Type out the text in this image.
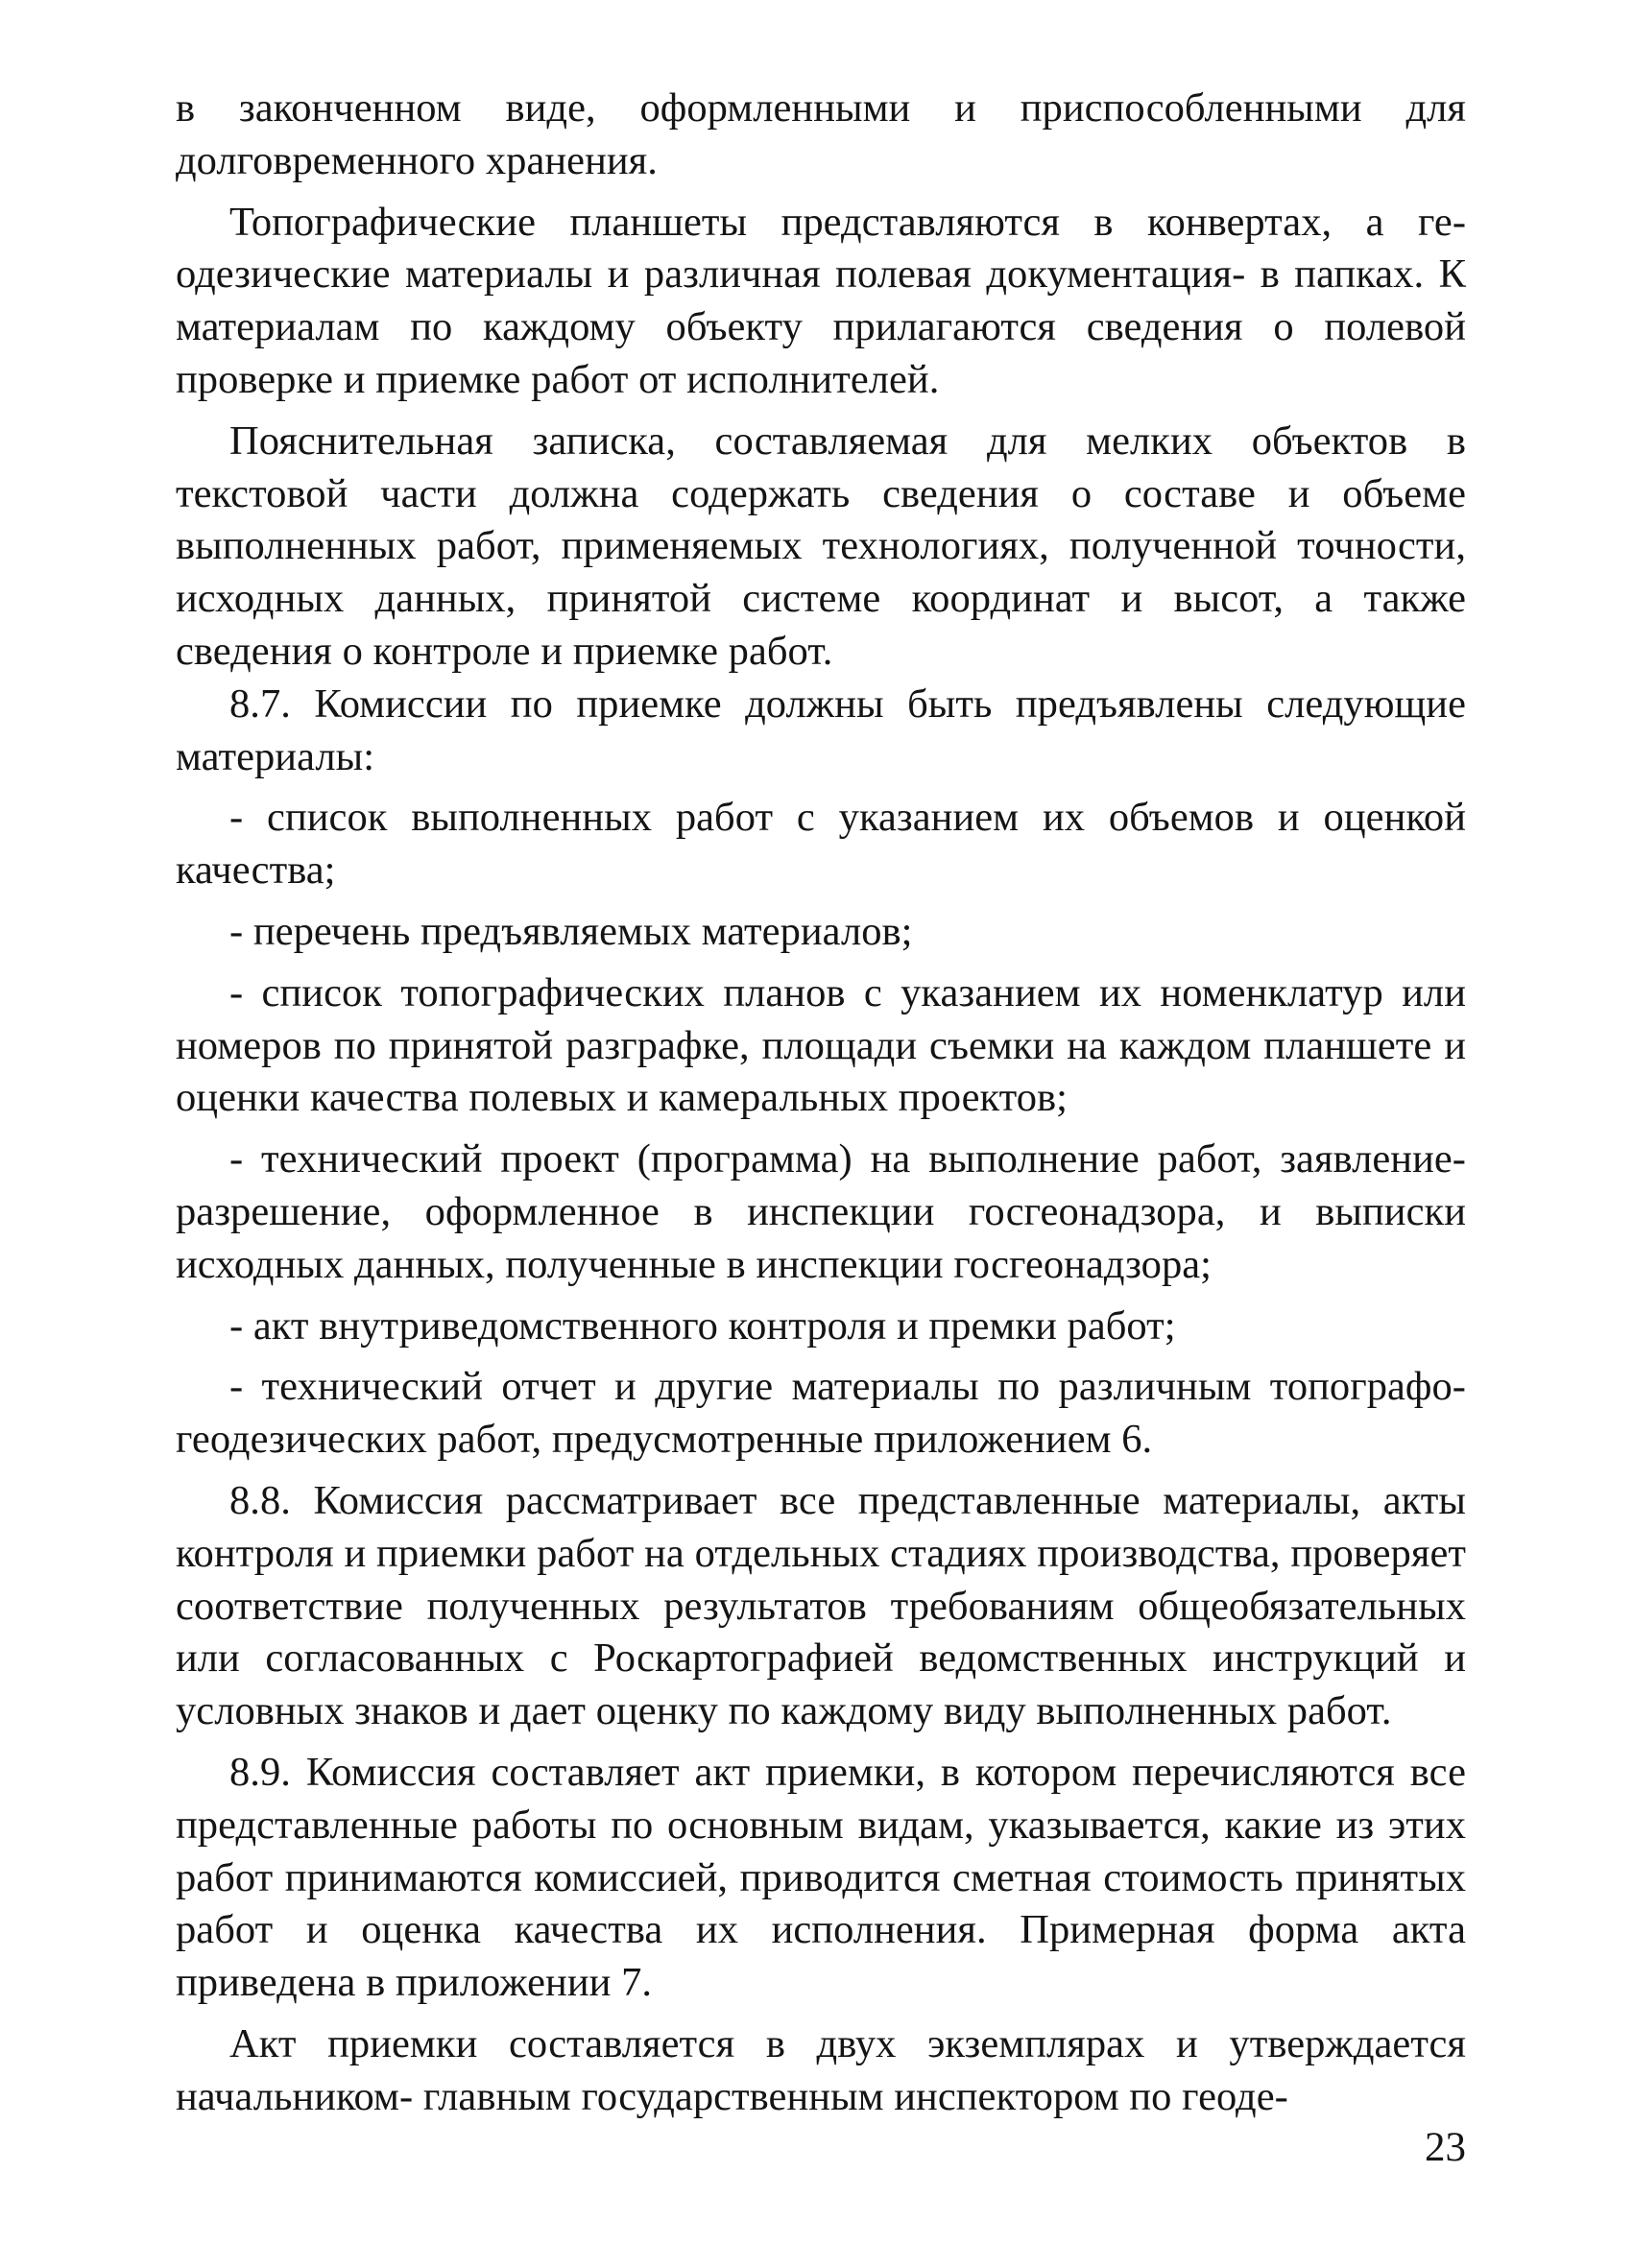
в законченном виде, оформленными и приспособленными для долговременного хранения.

Топографические планшеты представляются в конвертах, а геодезические материалы и различная полевая документация- в папках. К материалам по каждому объекту прилагаются сведения о полевой проверке и приемке работ от исполнителей.

Пояснительная записка, составляемая для мелких объектов в текстовой части должна содержать сведения о составе и объеме выполненных работ, применяемых технологиях, полученной точности, исходных данных, принятой системе координат и высот, а также сведения о контроле и приемке работ.

8.7. Комиссии по приемке должны быть предъявлены следующие материалы:

- список выполненных работ с указанием их объемов и оценкой качества;

- перечень предъявляемых материалов;

- список топографических планов с указанием их номенклатур или номеров по принятой разграфке, площади съемки на каждом планшете и оценки качества полевых и камеральных проектов;

- технический проект (программа) на выполнение работ, заявление-разрешение, оформленное в инспекции госгеонадзора, и выписки исходных данных, полученные в инспекции госгеонадзора;

- акт внутриведомственного контроля и премки работ;

- технический отчет и другие материалы по различным топографо-геодезических работ, предусмотренные приложением 6.

8.8. Комиссия рассматривает все представленные материалы, акты контроля и приемки работ на отдельных стадиях производства, проверяет соответствие полученных результатов требованиям общеобязательных или согласованных с Роскартографией ведомственных инструкций и условных знаков и дает оценку по каждому виду выполненных работ.

8.9. Комиссия составляет акт приемки, в котором перечисляются все представленные работы по основным видам, указывается, какие из этих работ принимаются комиссией, приводится сметная стоимость принятых работ и оценка качества их исполнения. Примерная форма акта приведена в приложении 7.

Акт приемки составляется в двух экземплярах и утверждается начальником- главным государственным инспектором по геоде-

23
